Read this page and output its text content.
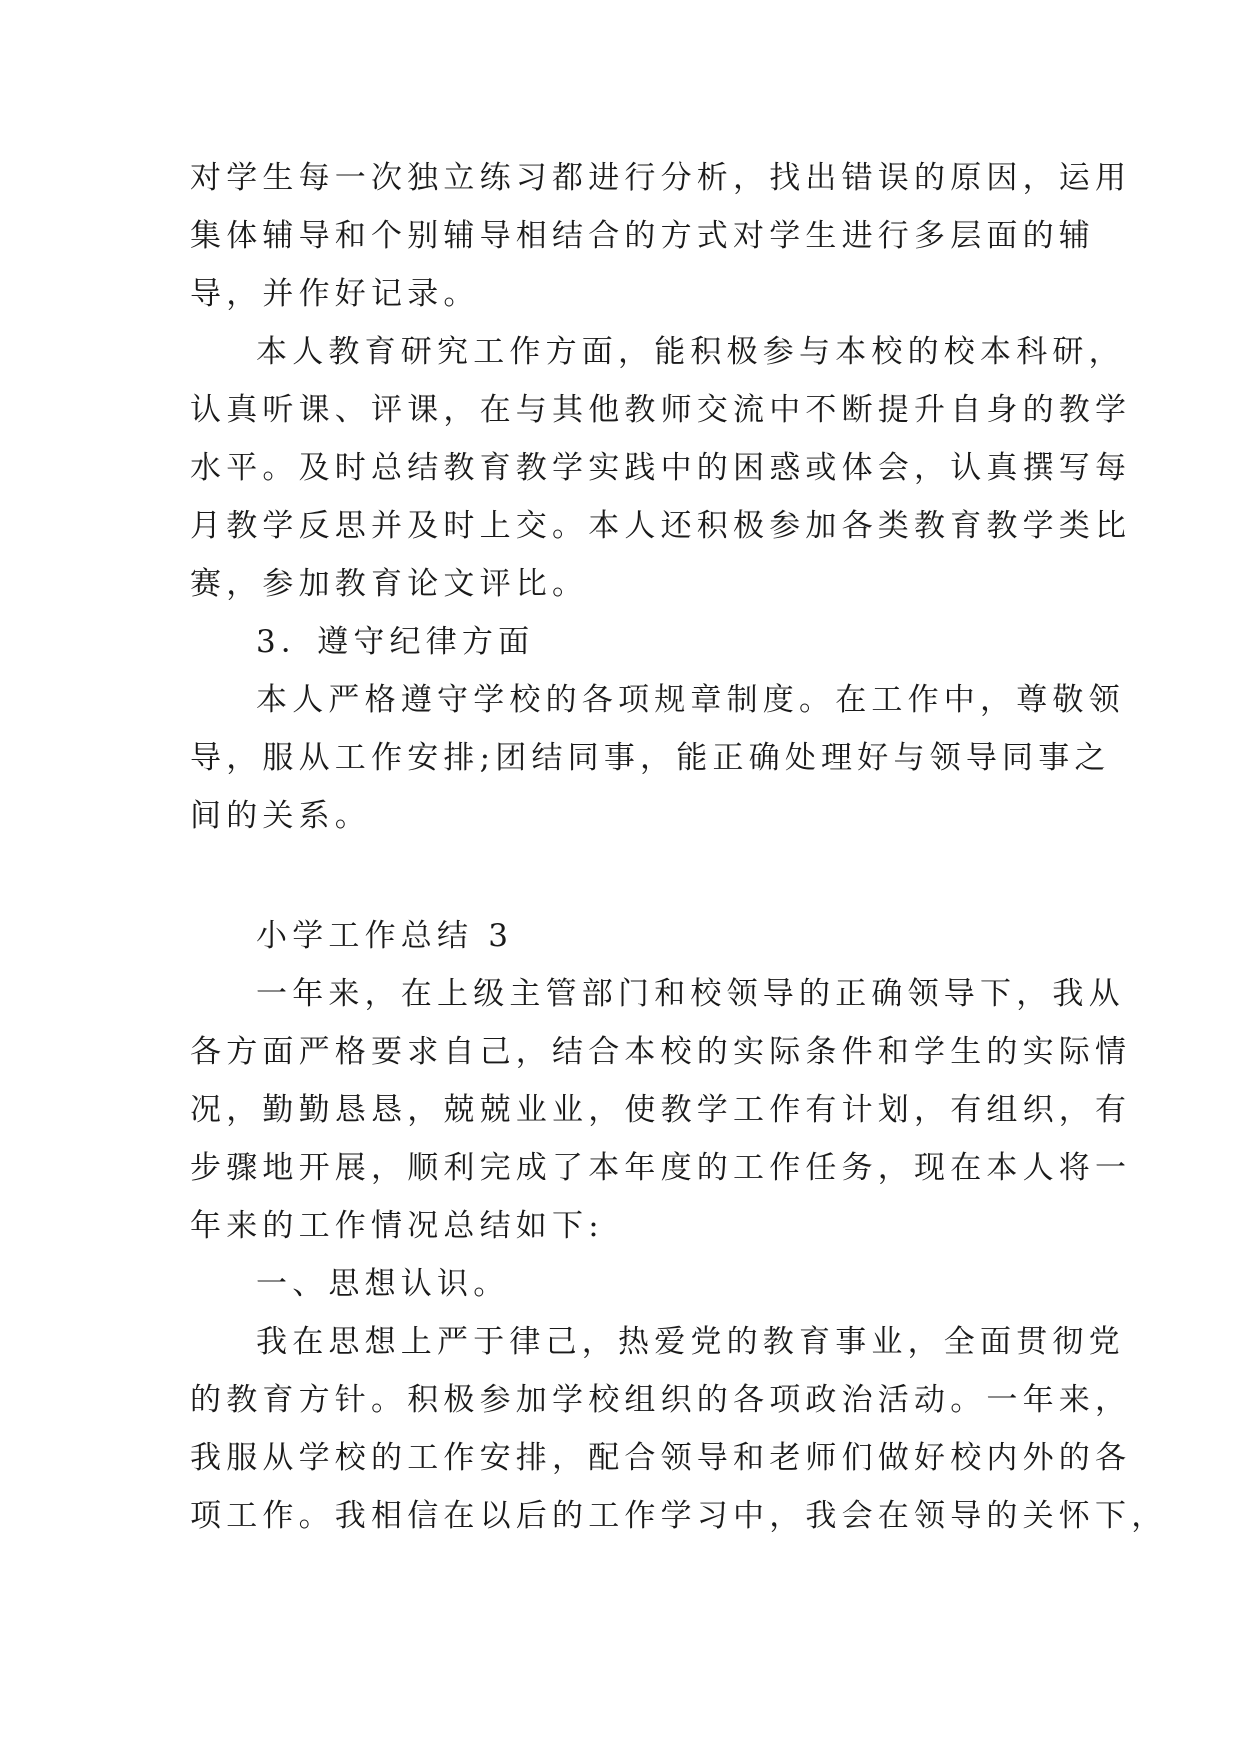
对学生每一次独立练习都进行分析，找出错误的原因，运用
集体辅导和个别辅导相结合的方式对学生进行多层面的辅
导，并作好记录。
本人教育研究工作方面，能积极参与本校的校本科研，
认真听课、评课，在与其他教师交流中不断提升自身的教学
水平。及时总结教育教学实践中的困惑或体会，认真撰写每
月教学反思并及时上交。本人还积极参加各类教育教学类比
赛，参加教育论文评比。
3．遵守纪律方面
本人严格遵守学校的各项规章制度。在工作中，尊敬领
导，服从工作安排;团结同事，能正确处理好与领导同事之
间的关系。
小学工作总结 3
一年来，在上级主管部门和校领导的正确领导下，我从
各方面严格要求自己，结合本校的实际条件和学生的实际情
况，勤勤恳恳，兢兢业业，使教学工作有计划，有组织，有
步骤地开展，顺利完成了本年度的工作任务，现在本人将一
年来的工作情况总结如下:
一、思想认识。
我在思想上严于律己，热爱党的教育事业，全面贯彻党
的教育方针。积极参加学校组织的各项政治活动。一年来，
我服从学校的工作安排，配合领导和老师们做好校内外的各
项工作。我相信在以后的工作学习中，我会在领导的关怀下，
